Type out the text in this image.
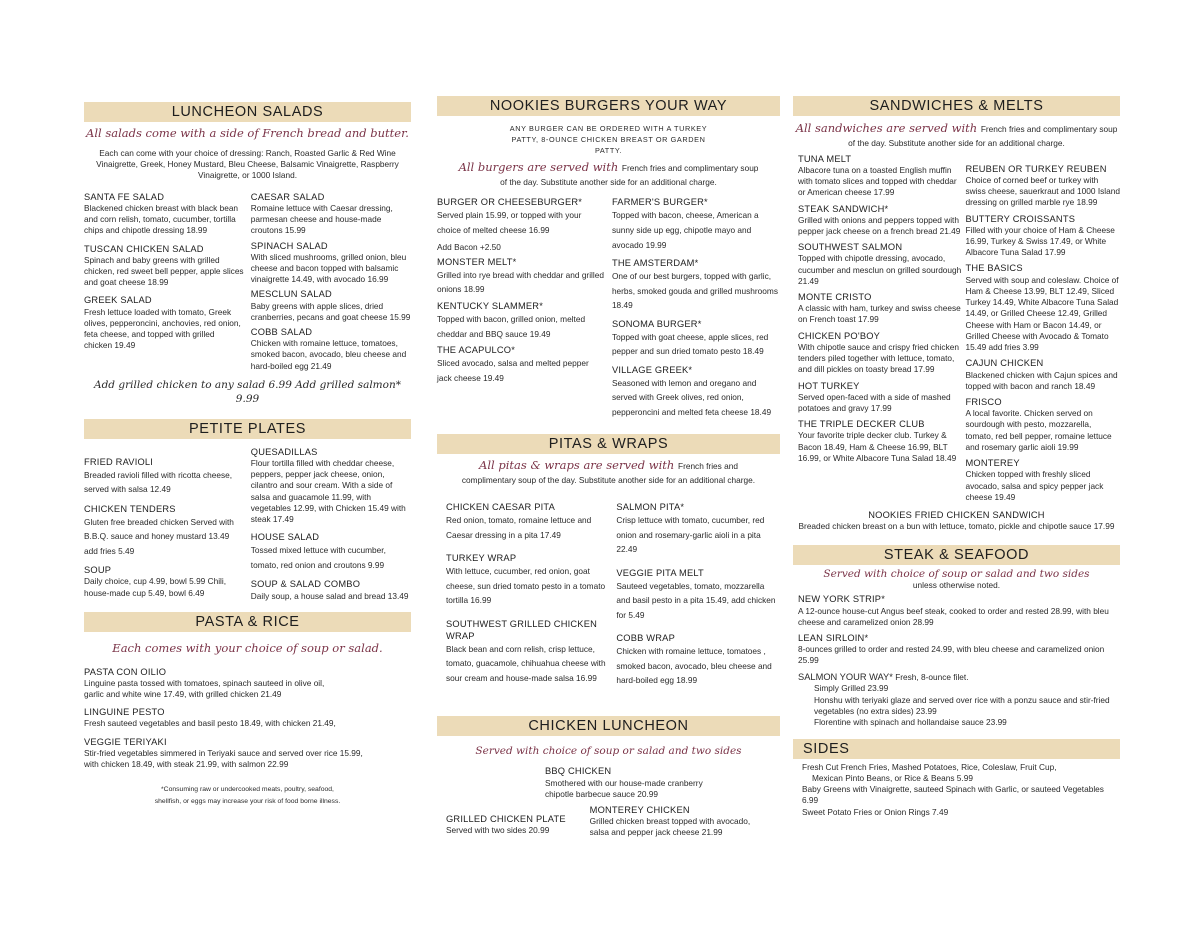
LUNCHEON SALADS
All salads come with a side of French bread and butter.
Each can come with your choice of dressing: Ranch, Roasted Garlic & Red Wine Vinaigrette, Greek, Honey Mustard, Bleu Cheese, Balsamic Vinaigrette, Raspberry Vinaigrette, or 1000 Island.
SANTA FE SALAD
Blackened chicken breast with black bean and corn relish, tomato, cucumber, tortilla chips and chipotle dressing 18.99
TUSCAN CHICKEN SALAD
Spinach and baby greens with grilled chicken, red sweet bell pepper, apple slices and goat cheese 18.99
GREEK SALAD
Fresh lettuce loaded with tomato, Greek olives, pepperoncini, anchovies, red onion, feta cheese, and topped with grilled chicken 19.49
CAESAR SALAD
Romaine lettuce with Caesar dressing, parmesan cheese and house-made croutons 15.99
SPINACH SALAD
With sliced mushrooms, grilled onion, bleu cheese and bacon topped with balsamic vinaigrette 14.49, with avocado 16.99
MESCLUN SALAD
Baby greens with apple slices, dried cranberries, pecans and goat cheese 15.99
COBB SALAD
Chicken with romaine lettuce, tomatoes, smoked bacon, avocado, bleu cheese and hard-boiled egg 21.49
Add grilled chicken to any salad 6.99 Add grilled salmon* 9.99
PETITE PLATES
FRIED RAVIOLI
Breaded ravioli filled with ricotta cheese, served with salsa 12.49
CHICKEN TENDERS
Gluten free breaded chicken Served with B.B.Q. sauce and honey mustard 13.49 add fries 5.49
SOUP
Daily choice, cup 4.99, bowl 5.99 Chili, house-made cup 5.49, bowl 6.49
QUESADILLAS
Flour tortilla filled with cheddar cheese, peppers, pepper jack cheese, onion, cilantro and sour cream. With a side of salsa and guacamole 11.99, with vegetables 12.99, with Chicken 15.49 with steak 17.49
HOUSE SALAD
Tossed mixed lettuce with cucumber, tomato, red onion and croutons 9.99
SOUP & SALAD COMBO
Daily soup, a house salad and bread 13.49
PASTA & RICE
Each comes with your choice of soup or salad.
PASTA CON OILIO
Linguine pasta tossed with tomatoes, spinach sauteed in olive oil, garlic and white wine 17.49, with grilled chicken 21.49
LINGUINE PESTO
Fresh sauteed vegetables and basil pesto 18.49, with chicken 21.49,
VEGGIE TERIYAKI
Stir-fried vegetables simmered in Teriyaki sauce and served over rice 15.99, with chicken 18.49, with steak 21.99, with salmon 22.99
*Consuming raw or undercooked meats, poultry, seafood, shellfish, or eggs may increase your risk of food borne illness.
NOOKIES BURGERS YOUR WAY
ANY BURGER CAN BE ORDERED WITH A TURKEY PATTY, 8-OUNCE CHICKEN BREAST OR GARDEN PATTY.
All burgers are served with French fries and complimentary soup of the day. Substitute another side for an additional charge.
BURGER OR CHEESEBURGER*
Served plain 15.99, or topped with your choice of melted cheese 16.99
Add Bacon +2.50
MONSTER MELT*
Grilled into rye bread with cheddar and grilled onions 18.99
KENTUCKY SLAMMER*
Topped with bacon, grilled onion, melted cheddar and BBQ sauce 19.49
THE ACAPULCO*
Sliced avocado, salsa and melted pepper jack cheese 19.49
FARMER'S BURGER*
Topped with bacon, cheese, American a sunny side up egg, chipotle mayo and avocado 19.99
THE AMSTERDAM*
One of our best burgers, topped with garlic, herbs, smoked gouda and grilled mushrooms 18.49
SONOMA BURGER*
Topped with goat cheese, apple slices, red pepper and sun dried tomato pesto 18.49
VILLAGE GREEK*
Seasoned with lemon and oregano and served with Greek olives, red onion, pepperoncini and melted feta cheese 18.49
PITAS & WRAPS
All pitas & wraps are served with French fries and complimentary soup of the day. Substitute another side for an additional charge.
CHICKEN CAESAR PITA
Red onion, tomato, romaine lettuce and Caesar dressing in a pita 17.49
TURKEY WRAP
With lettuce, cucumber, red onion, goat cheese, sun dried tomato pesto in a tomato tortilla 16.99
SOUTHWEST GRILLED CHICKEN WRAP
Black bean and corn relish, crisp lettuce, tomato, guacamole, chihuahua cheese with sour cream and house-made salsa 16.99
SALMON PITA*
Crisp lettuce with tomato, cucumber, red onion and rosemary-garlic aioli in a pita 22.49
VEGGIE PITA MELT
Sauteed vegetables, tomato, mozzarella and basil pesto in a pita 15.49, add chicken for 5.49
COBB WRAP
Chicken with romaine lettuce, tomatoes , smoked bacon, avocado, bleu cheese and hard-boiled egg 18.99
CHICKEN LUNCHEON
Served with choice of soup or salad and two sides
BBQ CHICKEN
Smothered with our house-made cranberry chipotle barbecue sauce 20.99
GRILLED CHICKEN PLATE
Served with two sides 20.99
MONTEREY CHICKEN
Grilled chicken breast topped with avocado, salsa and pepper jack cheese 21.99
SANDWICHES & MELTS
All sandwiches are served with French fries and complimentary soup of the day. Substitute another side for an additional charge.
TUNA MELT
Albacore tuna on a toasted English muffin with tomato slices and topped with cheddar or American cheese 17.99
STEAK SANDWICH*
Grilled with onions and peppers topped with pepper jack cheese on a french bread 21.49
SOUTHWEST SALMON
Topped with chipotle dressing, avocado, cucumber and mesclun on grilled sourdough 21.49
MONTE CRISTO
A classic with ham, turkey and swiss cheese on French toast 17.99
CHICKEN PO'BOY
With chipotle sauce and crispy fried chicken tenders piled together with lettuce, tomato, and dill pickles on toasty bread 17.99
HOT TURKEY
Served open-faced with a side of mashed potatoes and gravy 17.99
THE TRIPLE DECKER CLUB
Your favorite triple decker club. Turkey & Bacon 18.49, Ham & Cheese 16.99, BLT 16.99, or White Albacore Tuna Salad 18.49
REUBEN OR TURKEY REUBEN
Choice of corned beef or turkey with swiss cheese, sauerkraut and 1000 Island dressing on grilled marble rye 18.99
BUTTERY CROISSANTS
Filled with your choice of Ham & Cheese 16.99, Turkey & Swiss 17.49, or White Albacore Tuna Salad 17.99
THE BASICS
Served with soup and coleslaw. Choice of Ham & Cheese 13.99, BLT 12.49, Sliced Turkey 14.49, White Albacore Tuna Salad 14.49, or Grilled Cheese 12.49, Grilled Cheese with Ham or Bacon 14.49, or Grilled Cheese with Avocado & Tomato 15.49 add fries 3.99
CAJUN CHICKEN
Blackened chicken with Cajun spices and topped with bacon and ranch 18.49
FRISCO
A local favorite. Chicken served on sourdough with pesto, mozzarella, tomato, red bell pepper, romaine lettuce and rosemary garlic aioli 19.99
MONTEREY
Chicken topped with freshly sliced avocado, salsa and spicy pepper jack cheese 19.49
NOOKIES FRIED CHICKEN SANDWICH
Breaded chicken breast on a bun with lettuce, tomato, pickle and chipotle sauce 17.99
STEAK & SEAFOOD
Served with choice of soup or salad and two sides
unless otherwise noted.
NEW YORK STRIP*
A 12-ounce house-cut Angus beef steak, cooked to order and rested 28.99, with bleu cheese and caramelized onion 28.99
LEAN SIRLOIN*
8-ounces grilled to order and rested 24.99, with bleu cheese and caramelized onion 25.99
SALMON YOUR WAY* Fresh, 8-ounce filet.
Simply Grilled 23.99
Honshu with teriyaki glaze and served over rice with a ponzu sauce and stir-fried vegetables (no extra sides) 23.99
Florentine with spinach and hollandaise sauce 23.99
SIDES
Fresh Cut French Fries, Mashed Potatoes, Rice, Coleslaw, Fruit Cup,
Mexican Pinto Beans, or Rice & Beans 5.99
Baby Greens with Vinaigrette, sauteed Spinach with Garlic, or sauteed Vegetables 6.99
Sweet Potato Fries or Onion Rings 7.49
